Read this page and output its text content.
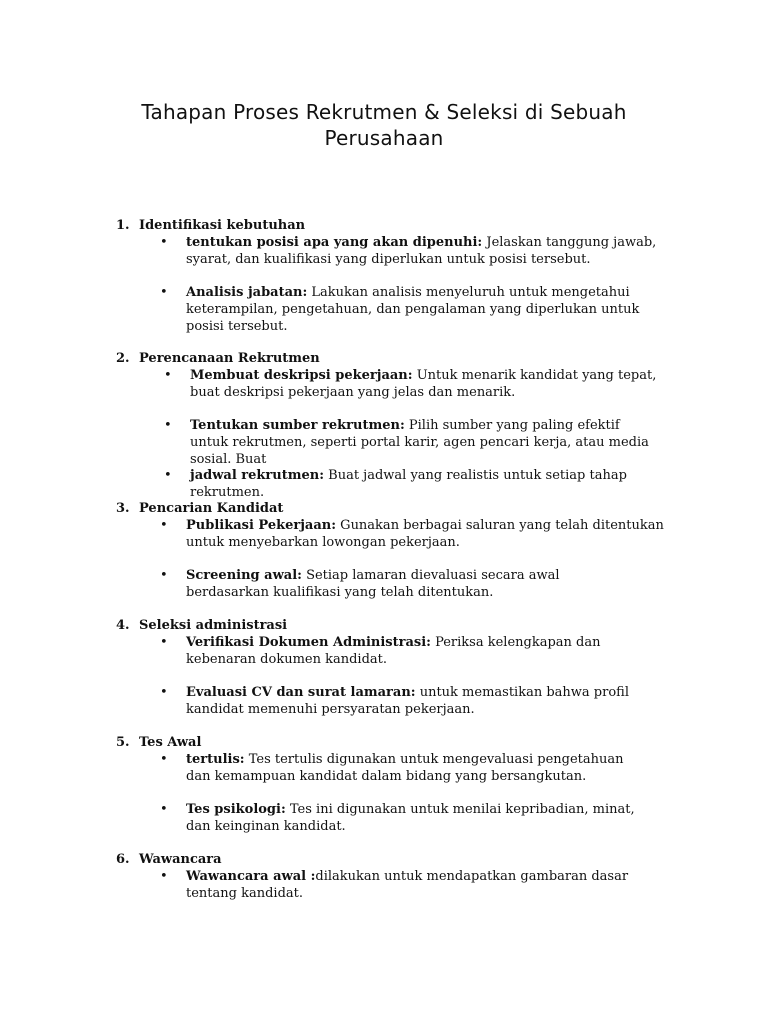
Tahapan Proses Rekrutmen & Seleksi di Sebuah Perusahaan
1. Identifikasi kebutuhan
• tentukan posisi apa yang akan dipenuhi: Jelaskan tanggung jawab, syarat, dan kualifikasi yang diperlukan untuk posisi tersebut.

• Analisis jabatan: Lakukan analisis menyeluruh untuk mengetahui keterampilan, pengetahuan, dan pengalaman yang diperlukan untuk posisi tersebut.

2. Perencanaan Rekrutmen
• Membuat deskripsi pekerjaan: Untuk menarik kandidat yang tepat, buat deskripsi pekerjaan yang jelas dan menarik.

• Tentukan sumber rekrutmen: Pilih sumber yang paling efektif untuk rekrutmen, seperti portal karir, agen pencari kerja, atau media sosial. Buat

• jadwal rekrutmen: Buat jadwal yang realistis untuk setiap tahap rekrutmen.

3. Pencarian Kandidat
• Publikasi Pekerjaan: Gunakan berbagai saluran yang telah ditentukan untuk menyebarkan lowongan pekerjaan.

• Screening awal: Setiap lamaran dievaluasi secara awal berdasarkan kualifikasi yang telah ditentukan.

4. Seleksi administrasi
• Verifikasi Dokumen Administrasi: Periksa kelengkapan dan kebenaran dokumen kandidat.

• Evaluasi CV dan surat lamaran: untuk memastikan bahwa profil kandidat memenuhi persyaratan pekerjaan.

5. Tes Awal
• tertulis: Tes tertulis digunakan untuk mengevaluasi pengetahuan dan kemampuan kandidat dalam bidang yang bersangkutan.

• Tes psikologi: Tes ini digunakan untuk menilai kepribadian, minat, dan keinginan kandidat.

6. Wawancara
• Wawancara awal :dilakukan untuk mendapatkan gambaran dasar tentang kandidat.
